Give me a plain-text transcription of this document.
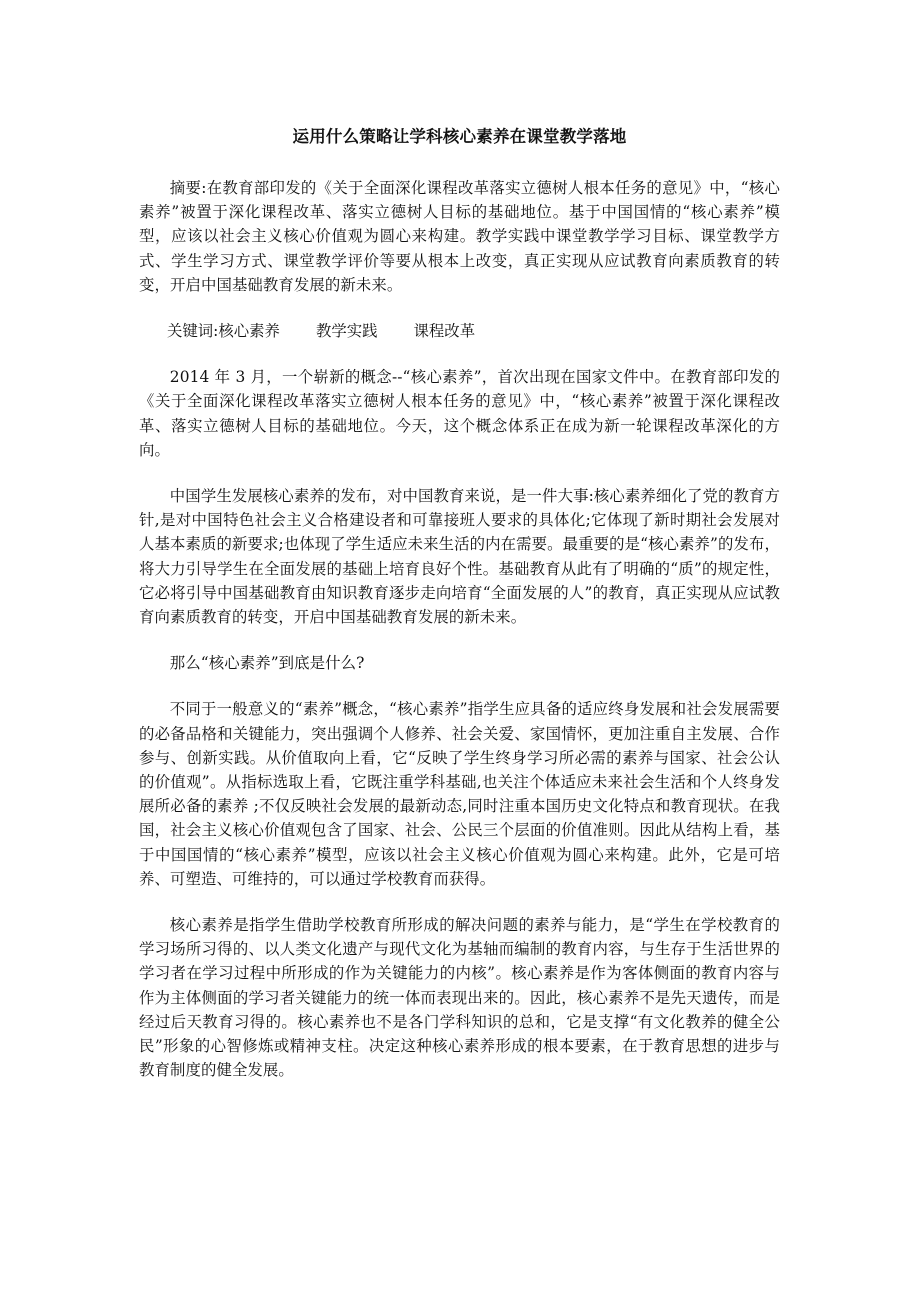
运用什么策略让学科核心素养在课堂教学落地

摘要:在教育部印发的《关于全面深化课程改革落实立德树人根本任务的意见》中，“核心素养”被置于深化课程改革、落实立德树人目标的基础地位。基于中国国情的“核心素养”模型，应该以社会主义核心价值观为圆心来构建。教学实践中课堂教学学习目标、课堂教学方式、学生学习方式、课堂教学评价等要从根本上改变，真正实现从应试教育向素质教育的转变，开启中国基础教育发展的新未来。

关键词:核心素养 教学实践 课程改革

2014 年 3 月，一个崭新的概念--“核心素养”，首次出现在国家文件中。在教育部印发的《关于全面深化课程改革落实立德树人根本任务的意见》中，“核心素养”被置于深化课程改革、落实立德树人目标的基础地位。今天，这个概念体系正在成为新一轮课程改革深化的方向。

中国学生发展核心素养的发布，对中国教育来说，是一件大事:核心素养细化了党的教育方针,是对中国特色社会主义合格建设者和可靠接班人要求的具体化;它体现了新时期社会发展对人基本素质的新要求;也体现了学生适应未来生活的内在需要。最重要的是“核心素养”的发布，将大力引导学生在全面发展的基础上培育良好个性。基础教育从此有了明确的“质”的规定性，它必将引导中国基础教育由知识教育逐步走向培育“全面发展的人”的教育，真正实现从应试教育向素质教育的转变，开启中国基础教育发展的新未来。

那么“核心素养”到底是什么?

不同于一般意义的“素养”概念，“核心素养”指学生应具备的适应终身发展和社会发展需要的必备品格和关键能力，突出强调个人修养、社会关爱、家国情怀，更加注重自主发展、合作参与、创新实践。从价值取向上看，它“反映了学生终身学习所必需的素养与国家、社会公认的价值观”。从指标选取上看，它既注重学科基础,也关注个体适应未来社会生活和个人终身发展所必备的素养 ;不仅反映社会发展的最新动态,同时注重本国历史文化特点和教育现状。在我国，社会主义核心价值观包含了国家、社会、公民三个层面的价值准则。因此从结构上看，基于中国国情的“核心素养”模型，应该以社会主义核心价值观为圆心来构建。此外，它是可培养、可塑造、可维持的，可以通过学校教育而获得。

核心素养是指学生借助学校教育所形成的解决问题的素养与能力，是“学生在学校教育的学习场所习得的、以人类文化遗产与现代文化为基轴而编制的教育内容，与生存于生活世界的学习者在学习过程中所形成的作为关键能力的内核”。核心素养是作为客体侧面的教育内容与作为主体侧面的学习者关键能力的统一体而表现出来的。因此，核心素养不是先天遗传，而是经过后天教育习得的。核心素养也不是各门学科知识的总和，它是支撑“有文化教养的健全公民”形象的心智修炼或精神支柱。决定这种核心素养形成的根本要素，在于教育思想的进步与教育制度的健全发展。
